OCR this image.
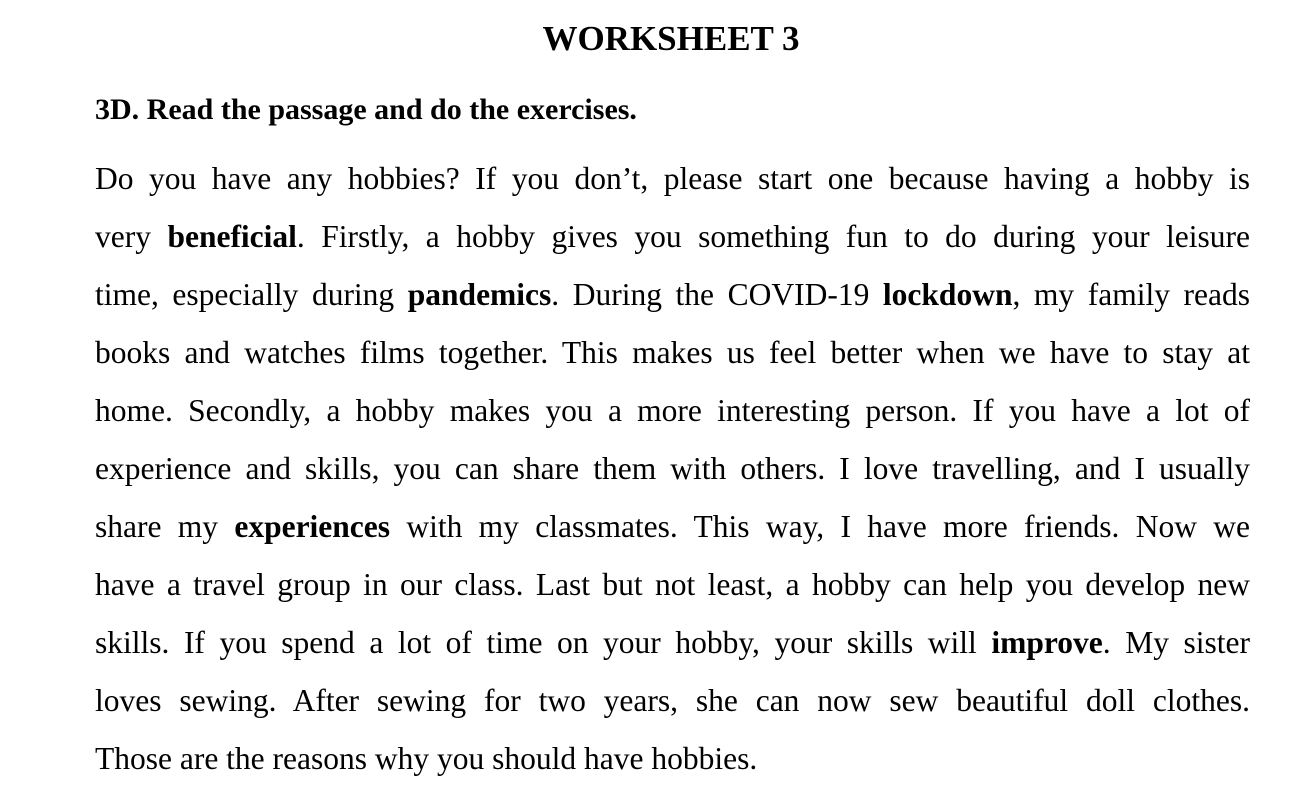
WORKSHEET 3
3D. Read the passage and do the exercises.
Do you have any hobbies? If you don’t, please start one because having a hobby is
very beneficial. Firstly, a hobby gives you something fun to do during your leisure
time, especially during pandemics. During the COVID-19 lockdown, my family reads
books and watches films together. This makes us feel better when we have to stay at
home. Secondly, a hobby makes you a more interesting person. If you have a lot of
experience and skills, you can share them with others. I love travelling, and I usually
share my experiences with my classmates. This way, I have more friends. Now we
have a travel group in our class. Last but not least, a hobby can help you develop new
skills. If you spend a lot of time on your hobby, your skills will improve. My sister
loves sewing. After sewing for two years, she can now sew beautiful doll clothes.
Those are the reasons why you should have hobbies.
